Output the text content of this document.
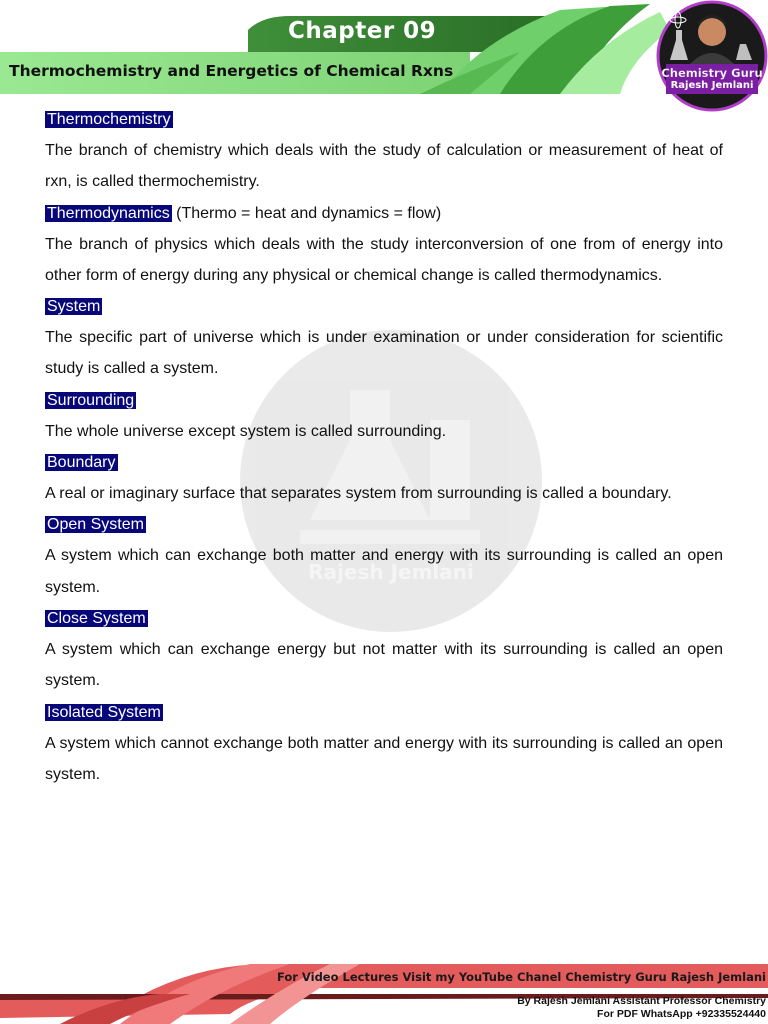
Chapter 09
Thermochemistry and Energetics of Chemical Rxns	Chemistry Guru
Rajesh Jemlani
Rajesh Jemlani
Thermochemistry

The branch of chemistry which deals with the study of calculation or measurement of heat of rxn, is called thermochemistry.

Thermodynamics (Thermo = heat and dynamics = flow)

The branch of physics which deals with the study interconversion of one from of energy into other form of energy during any physical or chemical change is called thermodynamics.

System

The specific part of universe which is under examination or under consideration for scientific study is called a system.

Surrounding

The whole universe except system is called surrounding.

Boundary

A real or imaginary surface that separates system from surrounding is called a boundary.

Open System

A system which can exchange both matter and energy with its surrounding is called an open system.

Close System

A system which can exchange energy but not matter with its surrounding is called an open system.

Isolated System

A system which cannot exchange both matter and energy with its surrounding is called an open system.

For Video Lectures Visit my YouTube Chanel Chemistry Guru Rajesh Jemlani
By Rajesh Jemlani Assistant Professor Chemistry
For PDF WhatsApp +92335524440
